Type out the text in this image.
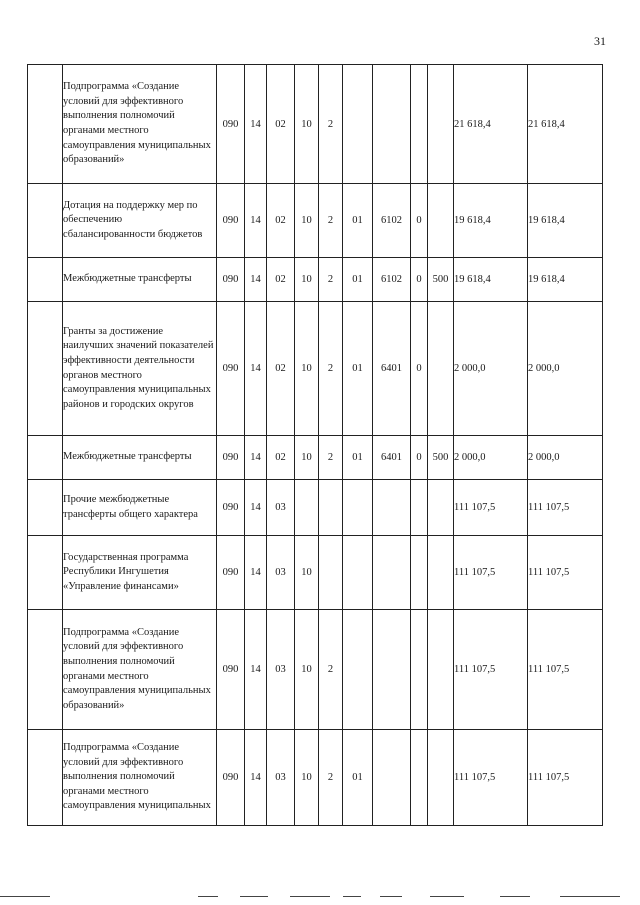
31
	Подпрограмма «Создание условий для эффективного выполнения полномочий органами местного самоуправления муниципальных образований»	090	14	02	10	2					21 618,4	21 618,4
	Дотация на поддержку мер по обеспечению сбалансированности бюджетов	090	14	02	10	2	01	6102	0		19 618,4	19 618,4
	Межбюджетные трансферты	090	14	02	10	2	01	6102	0	500	19 618,4	19 618,4
	Гранты за достижение наилучших значений показателей эффективности деятельности органов местного самоуправления муниципальных районов и городских округов	090	14	02	10	2	01	6401	0		2 000,0	2 000,0
	Межбюджетные трансферты	090	14	02	10	2	01	6401	0	500	2 000,0	2 000,0
	Прочие межбюджетные трансферты общего характера	090	14	03							111 107,5	111 107,5
	Государственная программа Республики Ингушетия «Управление финансами»	090	14	03	10						111 107,5	111 107,5
	Подпрограмма «Создание условий для эффективного выполнения полномочий органами местного самоуправления муниципальных образований»	090	14	03	10	2					111 107,5	111 107,5
	Подпрограмма «Создание условий для эффективного выполнения полномочий органами местного самоуправления муниципальных	090	14	03	10	2	01				111 107,5	111 107,5
